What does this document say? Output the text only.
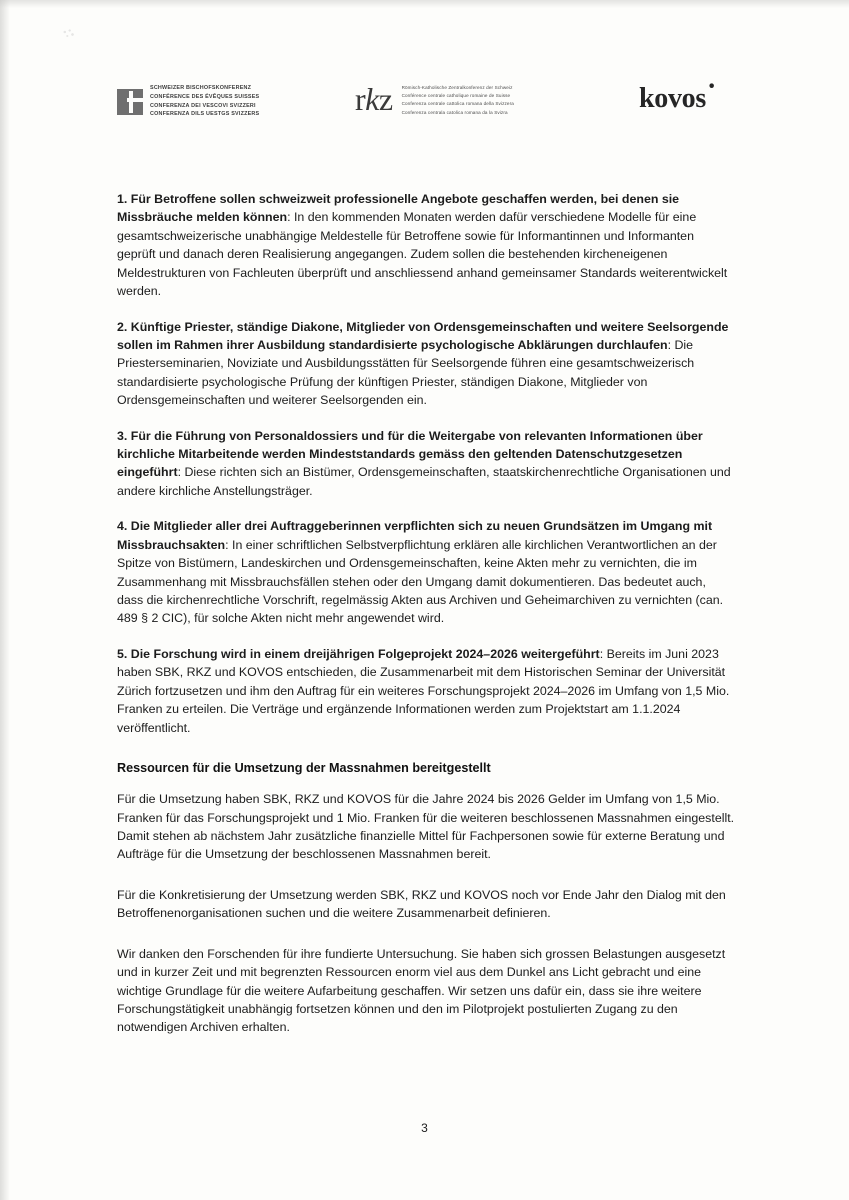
SCHWEIZER BISCHOFSKONFERENZ
CONFÉRENCE DES ÉVÊQUES SUISSES
CONFERENZA DEI VESCOVI SVIZZERI
CONFERENZA DILS UESTGS SVIZZERS	rkz Römisch-Katholische Zentralkonferenz der Schweiz
Conférence centrale catholique romaine de Suisse
Conferenza centrale cattolica romana della Svizzera
Conferenza centrala catolica romana da la Svizra	kovos·

1. Für Betroffene sollen schweizweit professionelle Angebote geschaffen werden, bei denen sie Missbräuche melden können: In den kommenden Monaten werden dafür verschiedene Modelle für eine gesamtschweizerische unabhängige Meldestelle für Betroffene sowie für Informantinnen und Informanten geprüft und danach deren Realisierung angegangen. Zudem sollen die bestehenden kircheneigenen Meldestrukturen von Fachleuten überprüft und anschliessend anhand gemeinsamer Standards weiterentwickelt werden.

2. Künftige Priester, ständige Diakone, Mitglieder von Ordensgemeinschaften und weitere Seelsorgende sollen im Rahmen ihrer Ausbildung standardisierte psychologische Abklärungen durchlaufen: Die Priesterseminarien, Noviziate und Ausbildungsstätten für Seelsorgende führen eine gesamtschweizerisch standardisierte psychologische Prüfung der künftigen Priester, ständigen Diakone, Mitglieder von Ordensgemeinschaften und weiterer Seelsorgenden ein.

3. Für die Führung von Personaldossiers und für die Weitergabe von relevanten Informationen über kirchliche Mitarbeitende werden Mindeststandards gemäss den geltenden Datenschutzgesetzen eingeführt: Diese richten sich an Bistümer, Ordensgemeinschaften, staatskirchenrechtliche Organisationen und andere kirchliche Anstellungsträger.

4. Die Mitglieder aller drei Auftraggeberinnen verpflichten sich zu neuen Grundsätzen im Umgang mit Missbrauchsakten: In einer schriftlichen Selbstverpflichtung erklären alle kirchlichen Verantwortlichen an der Spitze von Bistümern, Landeskirchen und Ordensgemeinschaften, keine Akten mehr zu vernichten, die im Zusammenhang mit Missbrauchsfällen stehen oder den Umgang damit dokumentieren. Das bedeutet auch, dass die kirchenrechtliche Vorschrift, regelmässig Akten aus Archiven und Geheimarchiven zu vernichten (can. 489 § 2 CIC), für solche Akten nicht mehr angewendet wird.

5. Die Forschung wird in einem dreijährigen Folgeprojekt 2024–2026 weitergeführt: Bereits im Juni 2023 haben SBK, RKZ und KOVOS entschieden, die Zusammenarbeit mit dem Historischen Seminar der Universität Zürich fortzusetzen und ihm den Auftrag für ein weiteres Forschungsprojekt 2024–2026 im Umfang von 1,5 Mio. Franken zu erteilen. Die Verträge und ergänzende Informationen werden zum Projektstart am 1.1.2024 veröffentlicht.

Ressourcen für die Umsetzung der Massnahmen bereitgestellt

Für die Umsetzung haben SBK, RKZ und KOVOS für die Jahre 2024 bis 2026 Gelder im Umfang von 1,5 Mio. Franken für das Forschungsprojekt und 1 Mio. Franken für die weiteren beschlossenen Massnahmen eingestellt. Damit stehen ab nächstem Jahr zusätzliche finanzielle Mittel für Fachpersonen sowie für externe Beratung und Aufträge für die Umsetzung der beschlossenen Massnahmen bereit.

Für die Konkretisierung der Umsetzung werden SBK, RKZ und KOVOS noch vor Ende Jahr den Dialog mit den Betroffenenorganisationen suchen und die weitere Zusammenarbeit definieren.

Wir danken den Forschenden für ihre fundierte Untersuchung. Sie haben sich grossen Belastungen ausgesetzt und in kurzer Zeit und mit begrenzten Ressourcen enorm viel aus dem Dunkel ans Licht gebracht und eine wichtige Grundlage für die weitere Aufarbeitung geschaffen. Wir setzen uns dafür ein, dass sie ihre weitere Forschungstätigkeit unabhängig fortsetzen können und den im Pilotprojekt postulierten Zugang zu den notwendigen Archiven erhalten.

3
